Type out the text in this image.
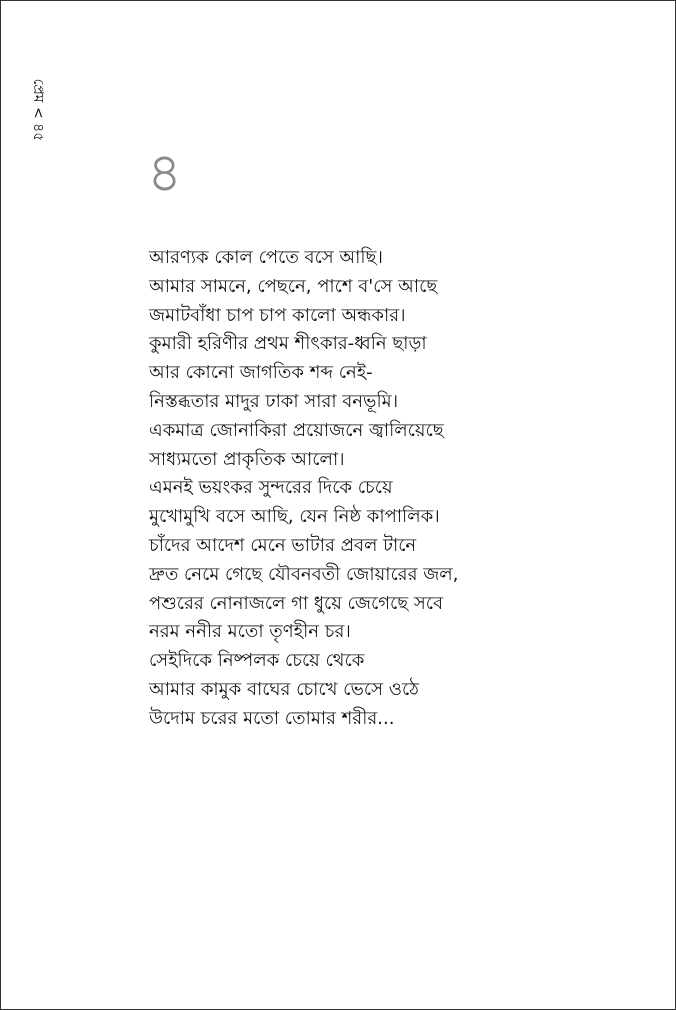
প্রেম < ৪৫
৪
আরণ্যক কোল পেতে বসে আছি।
আমার সামনে, পেছনে, পাশে ব'সে আছে
জমাটবাঁধা চাপ চাপ কালো অন্ধকার।
কুমারী হরিণীর প্রথম শীৎকার-ধ্বনি ছাড়া
আর কোনো জাগতিক শব্দ নেই-
নিস্তব্ধতার মাদুর ঢাকা সারা বনভূমি।
একমাত্র জোনাকিরা প্রয়োজনে জ্বালিয়েছে
সাধ্যমতো প্রাকৃতিক আলো।
এমনই ভয়ংকর সুন্দরের দিকে চেয়ে
মুখোমুখি বসে আছি, যেন নিষ্ঠ কাপালিক।
চাঁদের আদেশ মেনে ভাটার প্রবল টানে
দ্রুত নেমে গেছে যৌবনবতী জোয়ারের জল,
পশুরের নোনাজলে গা ধুয়ে জেগেছে সবে
নরম ননীর মতো তৃণহীন চর।
সেইদিকে নিষ্পলক চেয়ে থেকে
আমার কামুক বাঘের চোখে ভেসে ওঠে
উদোম চরের মতো তোমার শরীর...
